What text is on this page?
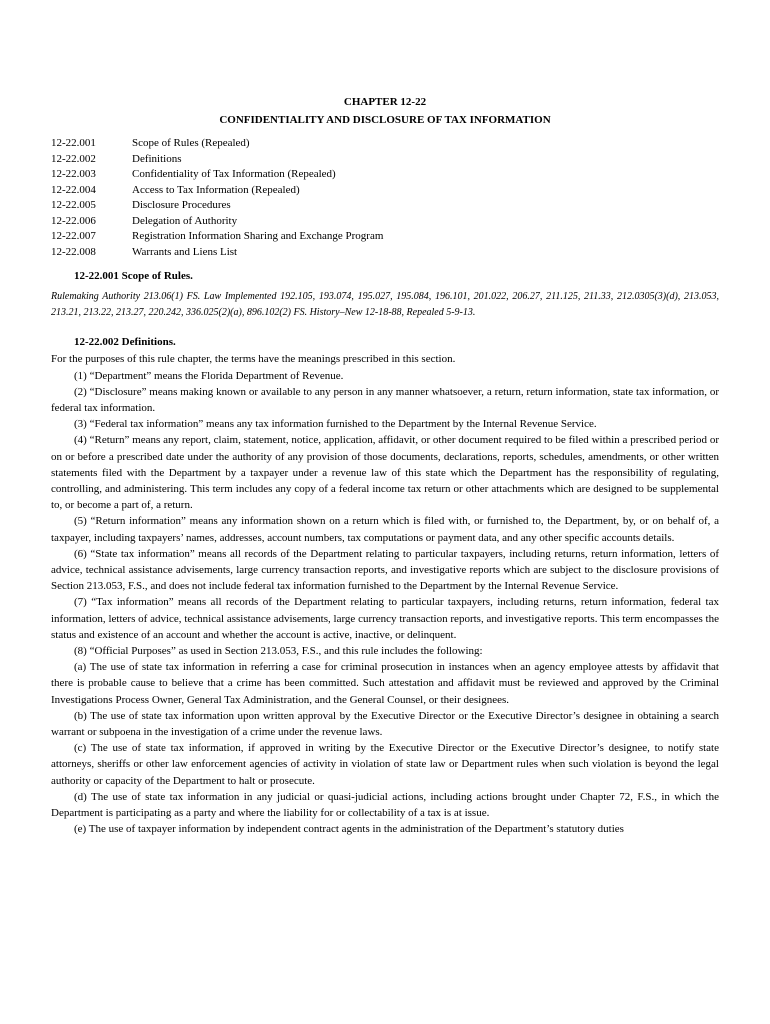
CHAPTER 12-22

CONFIDENTIALITY AND DISCLOSURE OF TAX INFORMATION

12-22.001	Scope of Rules (Repealed)
12-22.002	Definitions
12-22.003	Confidentiality of Tax Information (Repealed)
12-22.004	Access to Tax Information (Repealed)
12-22.005	Disclosure Procedures
12-22.006	Delegation of Authority
12-22.007	Registration Information Sharing and Exchange Program
12-22.008	Warrants and Liens List

12-22.001 Scope of Rules.

Rulemaking Authority 213.06(1) FS. Law Implemented 192.105, 193.074, 195.027, 195.084, 196.101, 201.022, 206.27, 211.125, 211.33, 212.0305(3)(d), 213.053, 213.21, 213.22, 213.27, 220.242, 336.025(2)(a), 896.102(2) FS. History–New 12-18-88, Repealed 5-9-13.

12-22.002 Definitions.

For the purposes of this rule chapter, the terms have the meanings prescribed in this section.

(1) “Department” means the Florida Department of Revenue.

(2) “Disclosure” means making known or available to any person in any manner whatsoever, a return, return information, state tax information, or federal tax information.

(3) “Federal tax information” means any tax information furnished to the Department by the Internal Revenue Service.

(4) “Return” means any report, claim, statement, notice, application, affidavit, or other document required to be filed within a prescribed period or on or before a prescribed date under the authority of any provision of those documents, declarations, reports, schedules, amendments, or other written statements filed with the Department by a taxpayer under a revenue law of this state which the Department has the responsibility of regulating, controlling, and administering. This term includes any copy of a federal income tax return or other attachments which are designed to be supplemental to, or become a part of, a return.

(5) “Return information” means any information shown on a return which is filed with, or furnished to, the Department, by, or on behalf of, a taxpayer, including taxpayers’ names, addresses, account numbers, tax computations or payment data, and any other specific accounts details.

(6) “State tax information” means all records of the Department relating to particular taxpayers, including returns, return information, letters of advice, technical assistance advisements, large currency transaction reports, and investigative reports which are subject to the disclosure provisions of Section 213.053, F.S., and does not include federal tax information furnished to the Department by the Internal Revenue Service.

(7) “Tax information” means all records of the Department relating to particular taxpayers, including returns, return information, federal tax information, letters of advice, technical assistance advisements, large currency transaction reports, and investigative reports. This term encompasses the status and existence of an account and whether the account is active, inactive, or delinquent.

(8) “Official Purposes” as used in Section 213.053, F.S., and this rule includes the following:

(a) The use of state tax information in referring a case for criminal prosecution in instances when an agency employee attests by affidavit that there is probable cause to believe that a crime has been committed. Such attestation and affidavit must be reviewed and approved by the Criminal Investigations Process Owner, General Tax Administration, and the General Counsel, or their designees.

(b) The use of state tax information upon written approval by the Executive Director or the Executive Director’s designee in obtaining a search warrant or subpoena in the investigation of a crime under the revenue laws.

(c) The use of state tax information, if approved in writing by the Executive Director or the Executive Director’s designee, to notify state attorneys, sheriffs or other law enforcement agencies of activity in violation of state law or Department rules when such violation is beyond the legal authority or capacity of the Department to halt or prosecute.

(d) The use of state tax information in any judicial or quasi-judicial actions, including actions brought under Chapter 72, F.S., in which the Department is participating as a party and where the liability for or collectability of a tax is at issue.

(e) The use of taxpayer information by independent contract agents in the administration of the Department’s statutory duties
